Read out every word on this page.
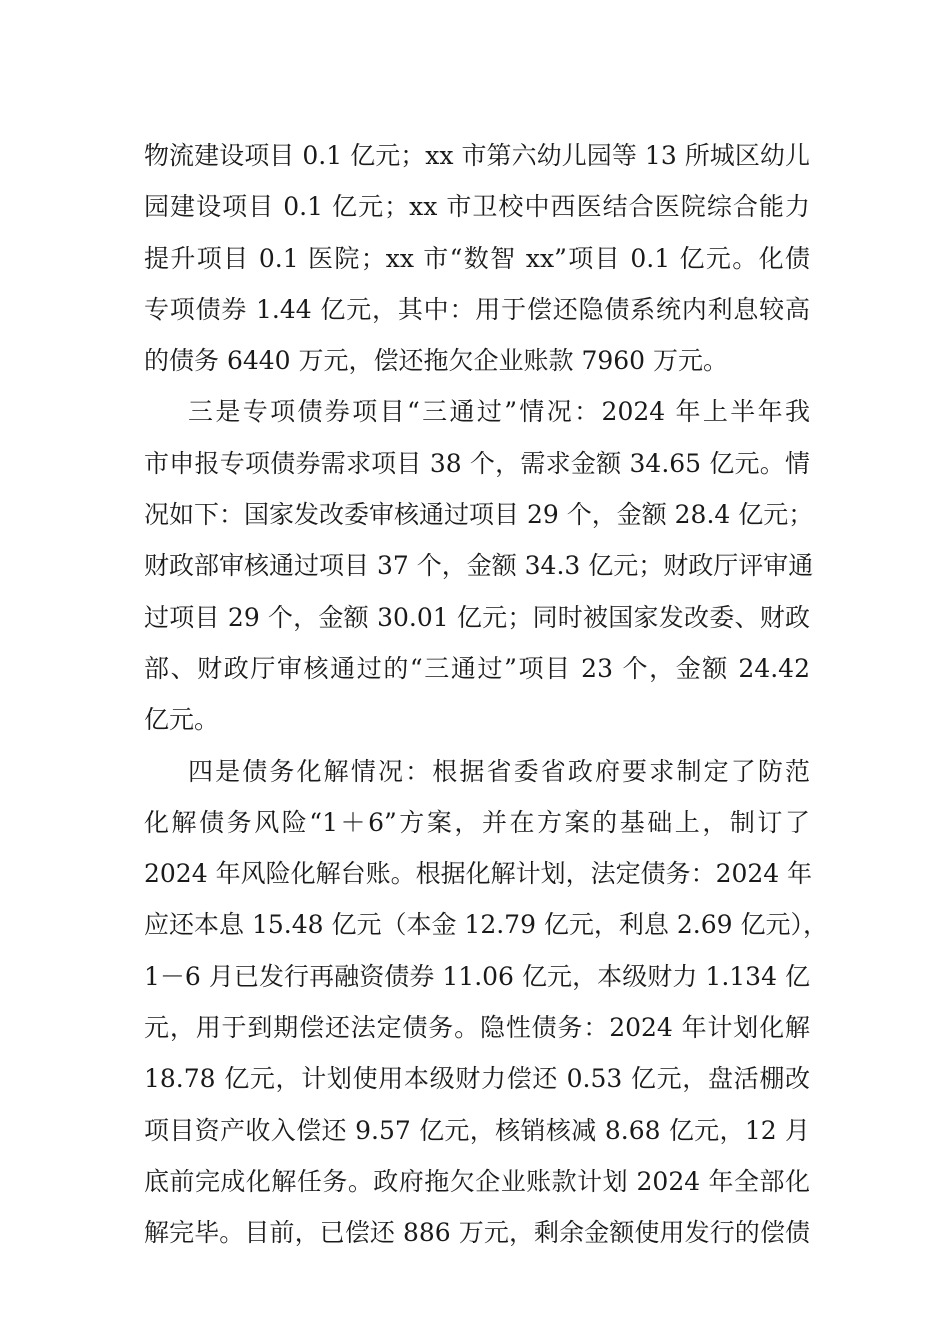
物流建设项目 0.1 亿元；xx 市第六幼儿园等 13 所城区幼儿
园建设项目 0.1 亿元；xx 市卫校中西医结合医院综合能力
提升项目 0.1 医院；xx 市“数智 xx”项目 0.1 亿元。化债
专项债券 1.44 亿元，其中：用于偿还隐债系统内利息较高
的债务 6440 万元，偿还拖欠企业账款 7960 万元。
三是专项债券项目“三通过”情况：2024 年上半年我
市申报专项债券需求项目 38 个，需求金额 34.65 亿元。情
况如下：国家发改委审核通过项目 29 个，金额 28.4 亿元；
财政部审核通过项目 37 个，金额 34.3 亿元；财政厅评审通
过项目 29 个，金额 30.01 亿元；同时被国家发改委、财政
部、财政厅审核通过的“三通过”项目 23 个，金额 24.42
亿元。
四是债务化解情况：根据省委省政府要求制定了防范
化解债务风险“1＋6”方案，并在方案的基础上，制订了
2024 年风险化解台账。根据化解计划，法定债务：2024 年
应还本息 15.48 亿元（本金 12.79 亿元，利息 2.69 亿元），
1－6 月已发行再融资债券 11.06 亿元，本级财力 1.134 亿
元，用于到期偿还法定债务。隐性债务：2024 年计划化解
18.78 亿元，计划使用本级财力偿还 0.53 亿元，盘活棚改
项目资产收入偿还 9.57 亿元，核销核减 8.68 亿元，12 月
底前完成化解任务。政府拖欠企业账款计划 2024 年全部化
解完毕。目前，已偿还 886 万元，剩余金额使用发行的偿债
